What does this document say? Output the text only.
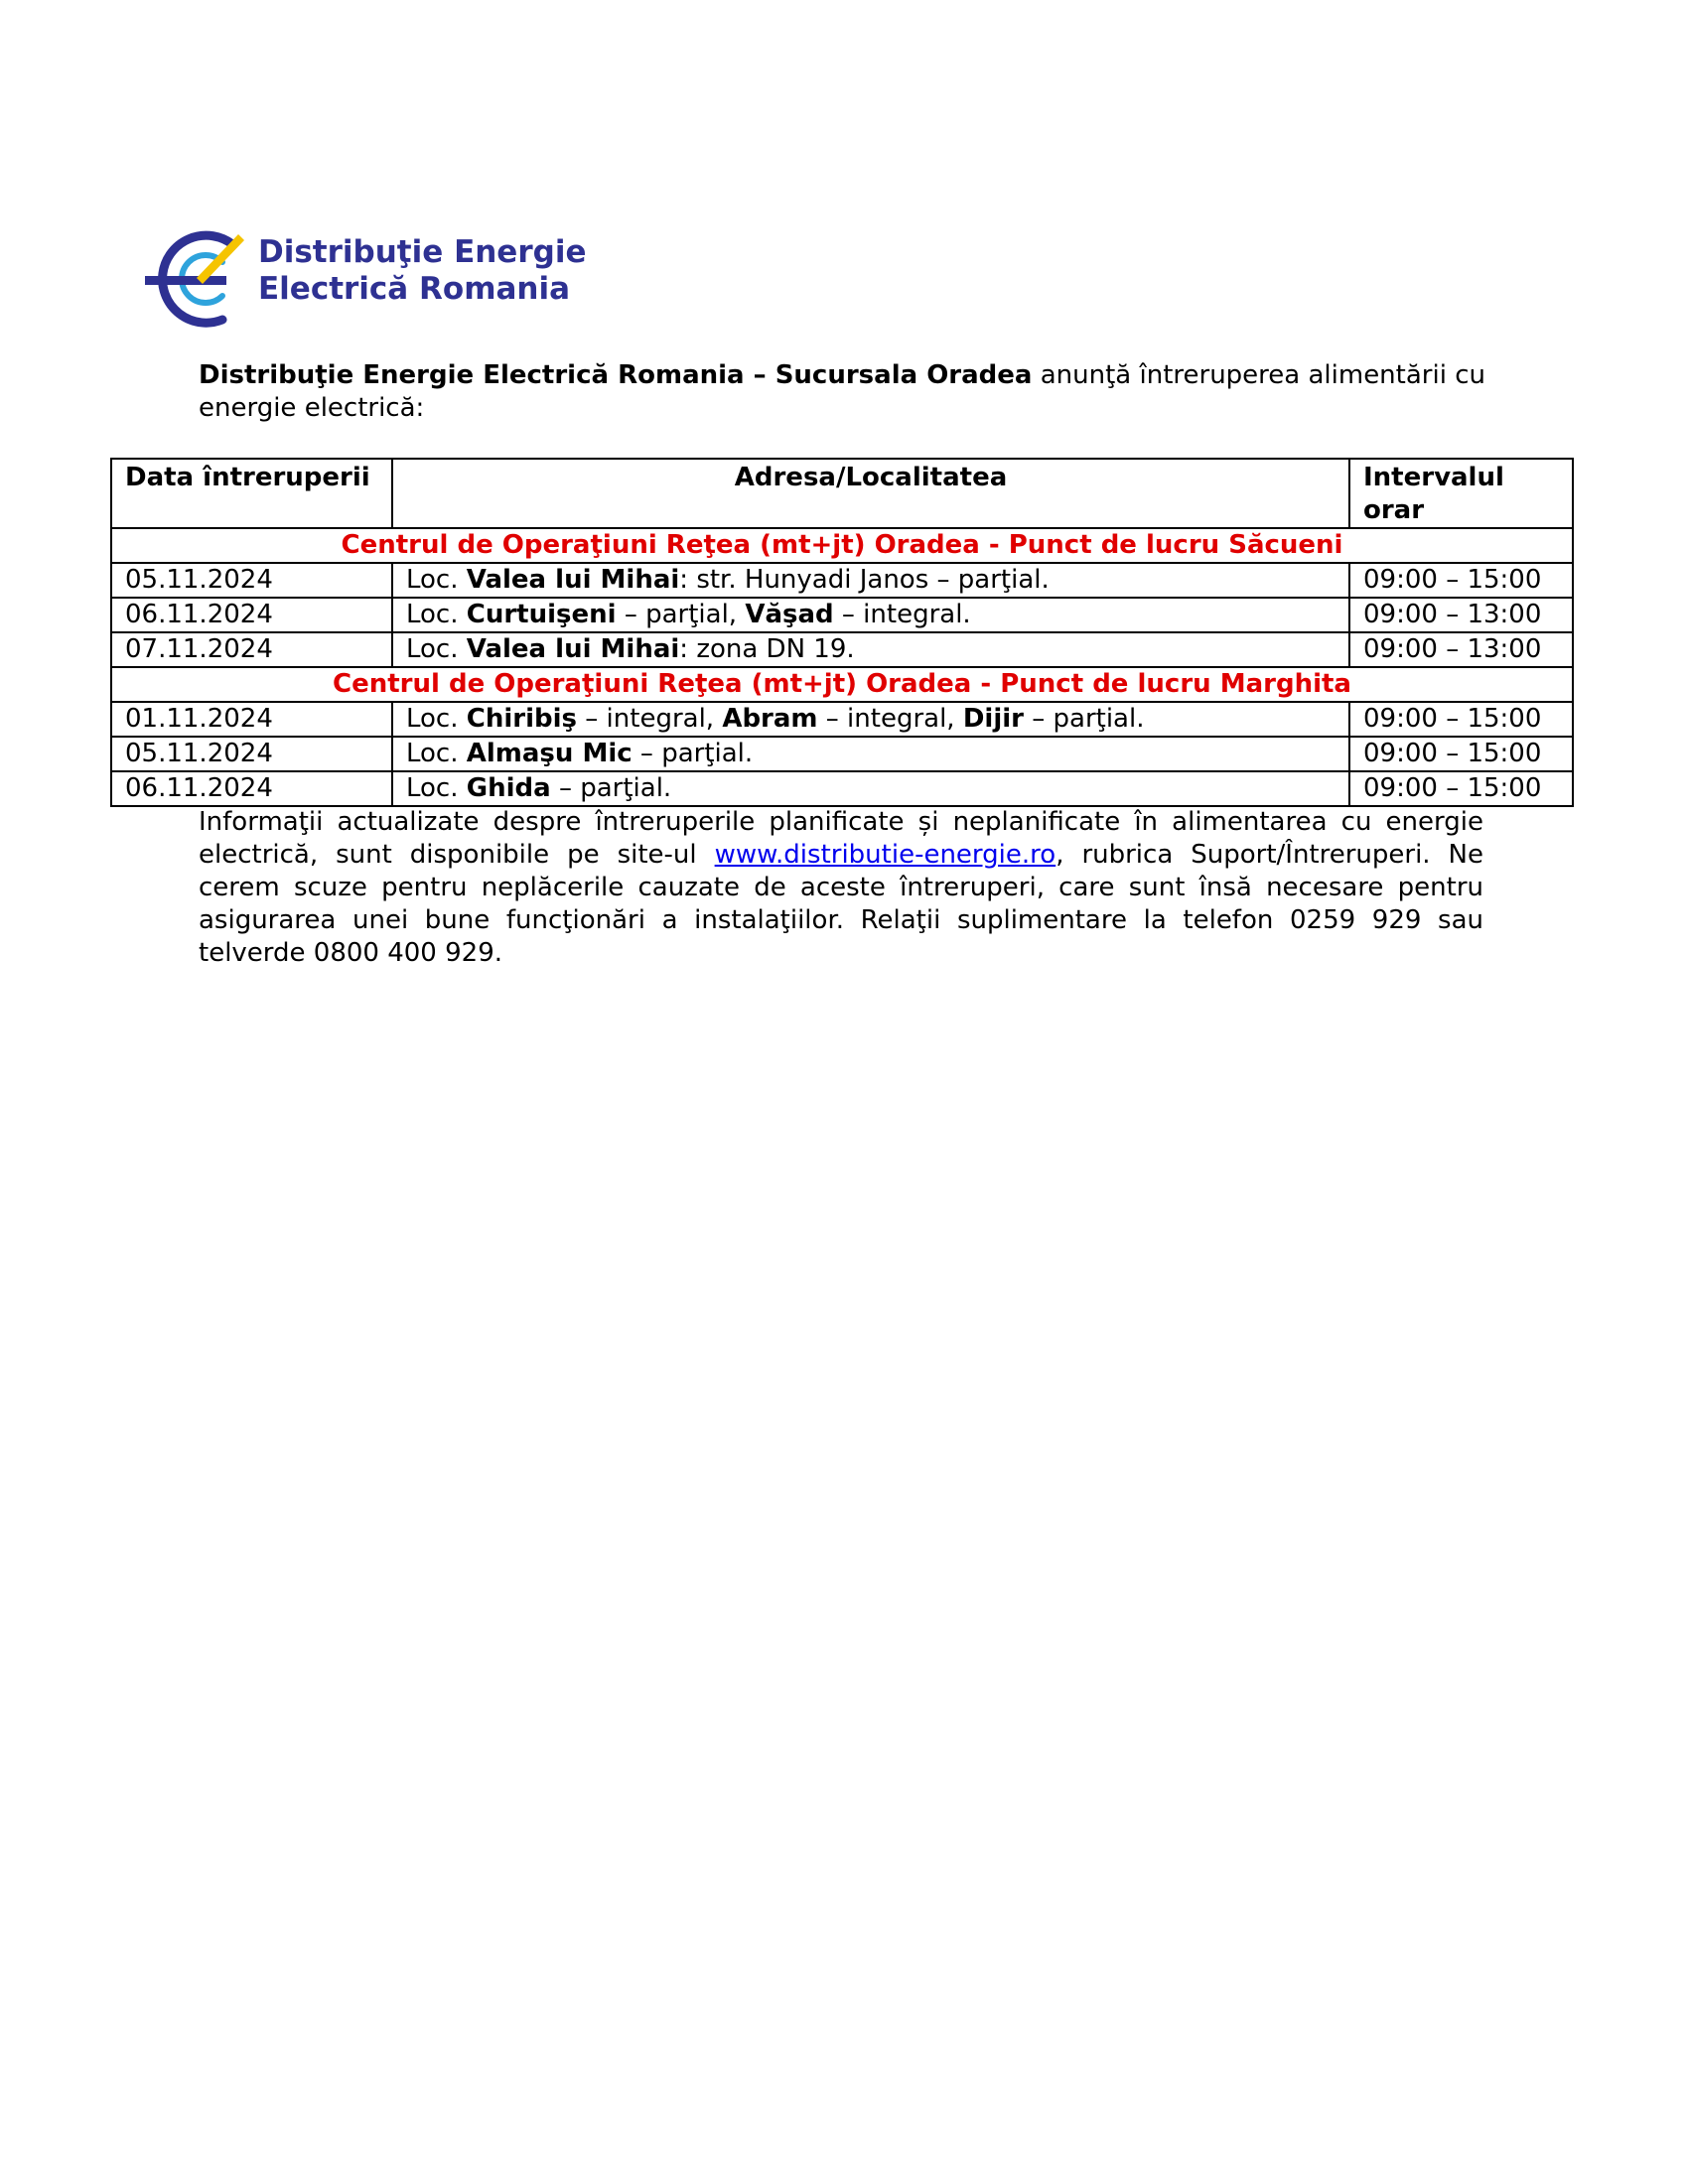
Distribuţie Energie
Electrică Romania
Distribuţie Energie Electrică Romania – Sucursala Oradea anunţă întreruperea alimentării cu energie electrică:
Data întreruperii	Adresa/Localitatea	Intervalul orar
Centrul de Operaţiuni Reţea (mt+jt) Oradea - Punct de lucru Săcueni		
05.11.2024	Loc. Valea lui Mihai: str. Hunyadi Janos – parţial.	09:00 – 15:00
06.11.2024	Loc. Curtuişeni – parţial, Văşad – integral.	09:00 – 13:00
07.11.2024	Loc. Valea lui Mihai: zona DN 19.	09:00 – 13:00
Centrul de Operaţiuni Reţea (mt+jt) Oradea - Punct de lucru Marghita		
01.11.2024	Loc. Chiribiş – integral, Abram – integral, Dijir – parţial.	09:00 – 15:00
05.11.2024	Loc. Almaşu Mic – parţial.	09:00 – 15:00
06.11.2024	Loc. Ghida – parţial.	09:00 – 15:00
Informaţii actualizate despre întreruperile planificate și neplanificate în alimentarea cu energie electrică, sunt disponibile pe site-ul www.distributie-energie.ro, rubrica Suport/Întreruperi. Ne cerem scuze pentru neplăcerile cauzate de aceste întreruperi, care sunt însă necesare pentru asigurarea unei bune funcţionări a instalaţiilor. Relaţii suplimentare la telefon 0259 929 sau telverde 0800 400 929.
